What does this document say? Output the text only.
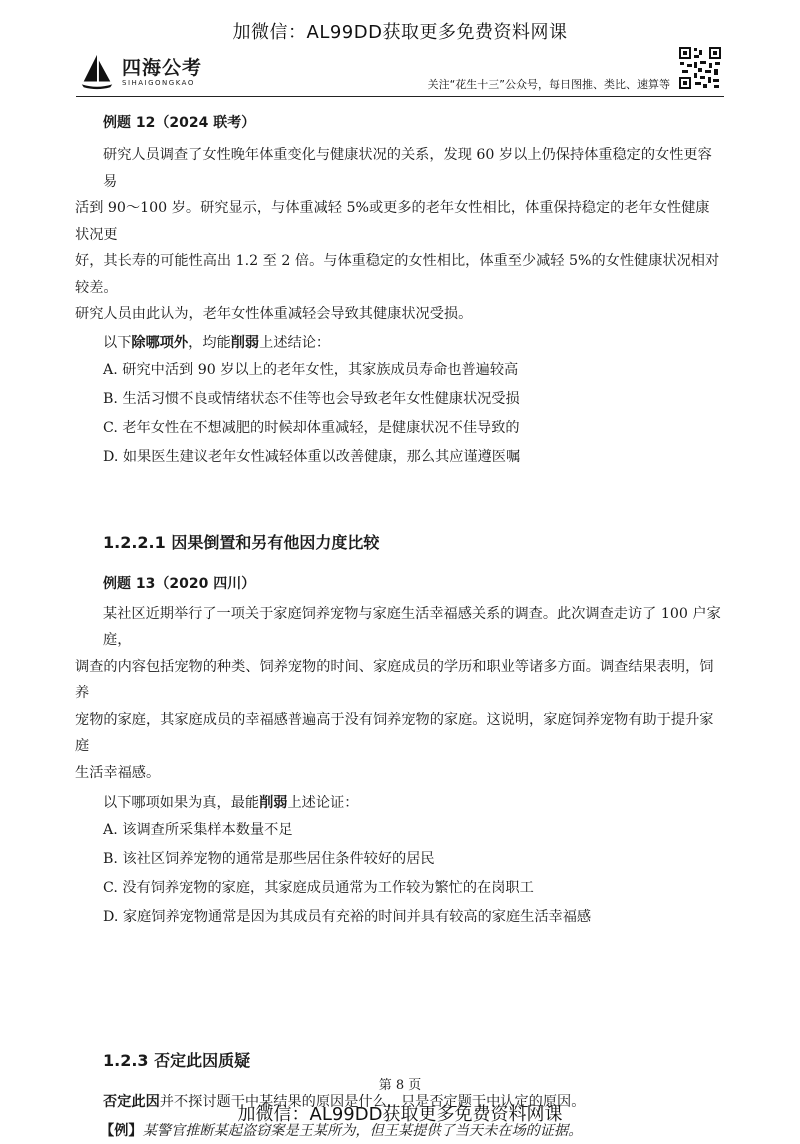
加微信：AL99DD获取更多免费资料网课
四海公考
SIHAIGONGKAO	关注“花生十三”公众号，每日图推、类比、速算等

例题 12（2024 联考）

研究人员调查了女性晚年体重变化与健康状况的关系，发现 60 岁以上仍保持体重稳定的女性更容易

活到 90～100 岁。研究显示，与体重减轻 5%或更多的老年女性相比，体重保持稳定的老年女性健康状况更

好，其长寿的可能性高出 1.2 至 2 倍。与体重稳定的女性相比，体重至少减轻 5%的女性健康状况相对较差。

研究人员由此认为，老年女性体重减轻会导致其健康状况受损。

以下除哪项外，均能削弱上述结论：

A. 研究中活到 90 岁以上的老年女性，其家族成员寿命也普遍较高

B. 生活习惯不良或情绪状态不佳等也会导致老年女性健康状况受损

C. 老年女性在不想减肥的时候却体重减轻，是健康状况不佳导致的

D. 如果医生建议老年女性减轻体重以改善健康，那么其应谨遵医嘱

1.2.2.1 因果倒置和另有他因力度比较

例题 13（2020 四川）

某社区近期举行了一项关于家庭饲养宠物与家庭生活幸福感关系的调查。此次调查走访了 100 户家庭，

调查的内容包括宠物的种类、饲养宠物的时间、家庭成员的学历和职业等诸多方面。调查结果表明，饲养

宠物的家庭，其家庭成员的幸福感普遍高于没有饲养宠物的家庭。这说明，家庭饲养宠物有助于提升家庭

生活幸福感。

以下哪项如果为真，最能削弱上述论证：

A. 该调查所采集样本数量不足

B. 该社区饲养宠物的通常是那些居住条件较好的居民

C. 没有饲养宠物的家庭，其家庭成员通常为工作较为繁忙的在岗职工

D. 家庭饲养宠物通常是因为其成员有充裕的时间并具有较高的家庭生活幸福感

1.2.3 否定此因质疑

否定此因并不探讨题干中某结果的原因是什么，只是否定题干中认定的原因。

【例】某警官推断某起盗窃案是王某所为，但王某提供了当天未在场的证据。

第 8 页
加微信：AL99DD获取更多免费资料网课
